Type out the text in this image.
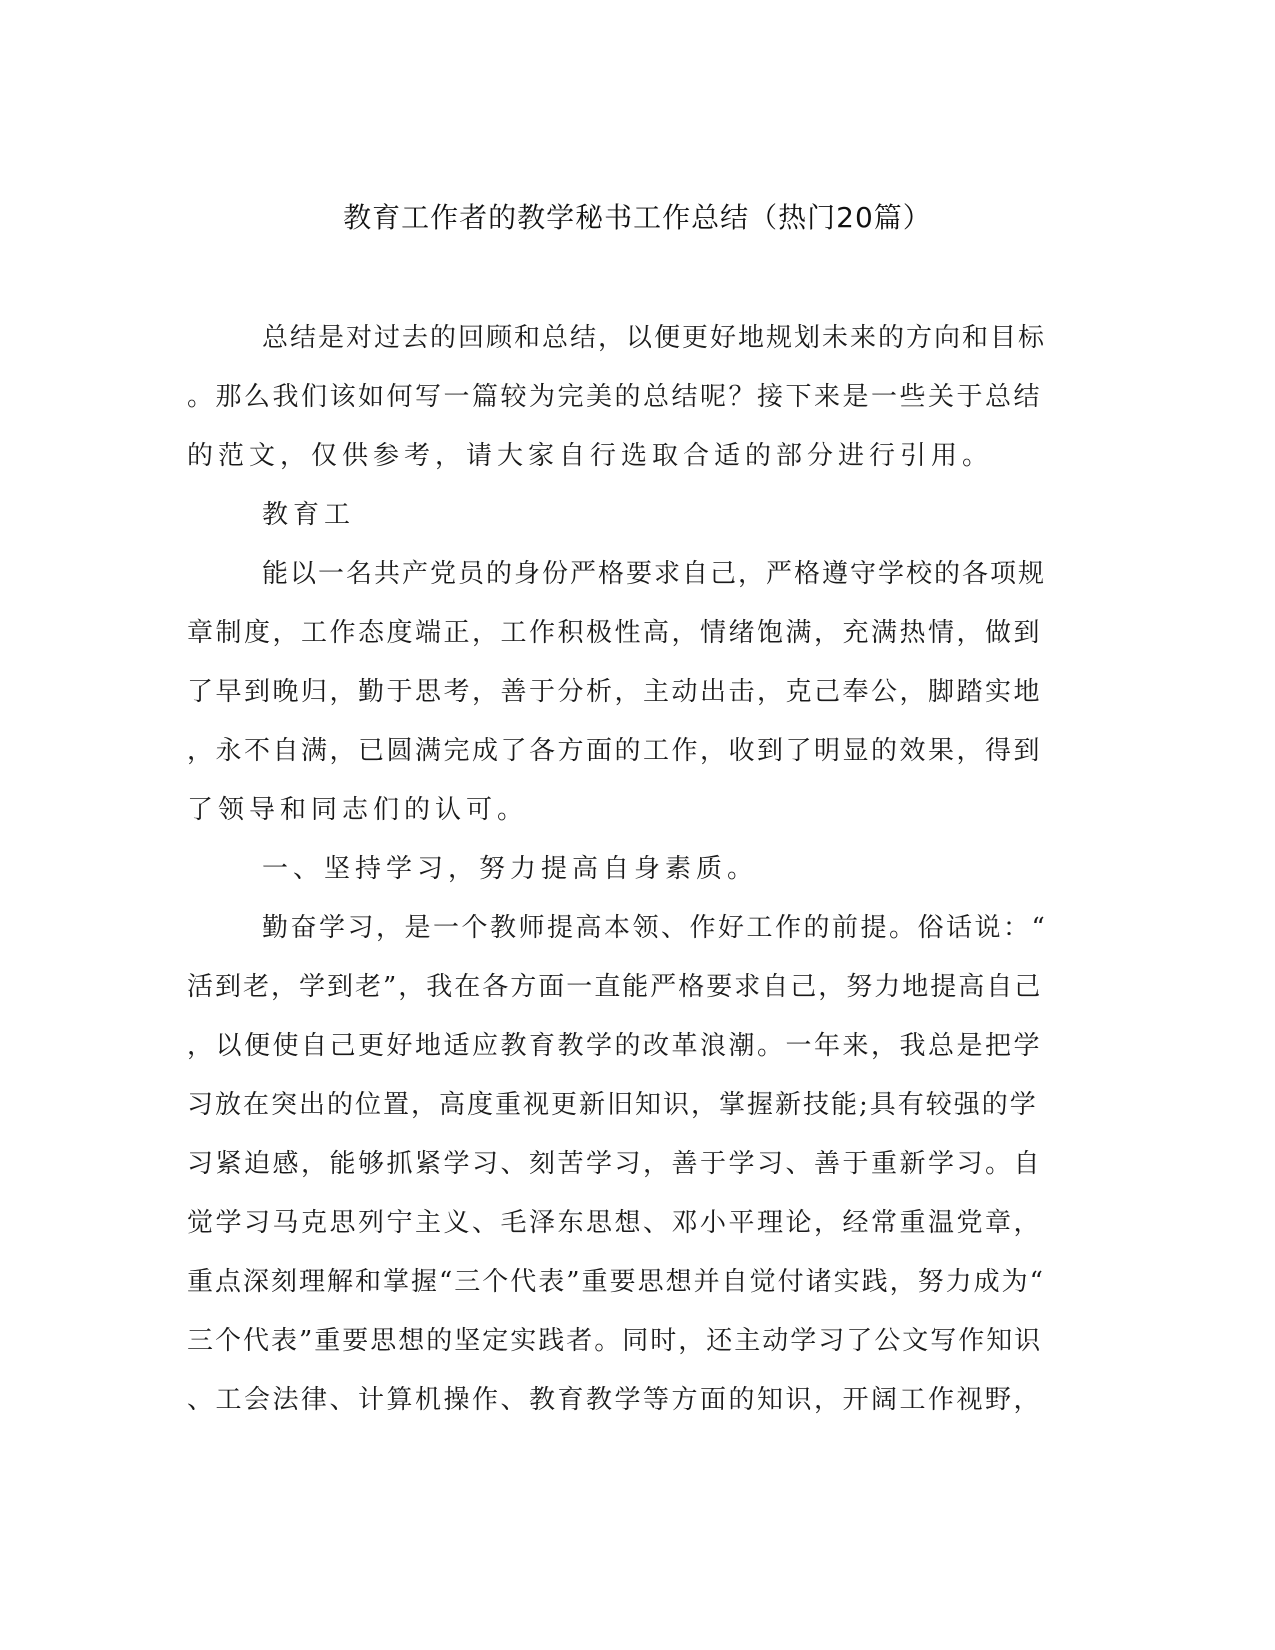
教育工作者的教学秘书工作总结（热门20篇）
总结是对过去的回顾和总结，以便更好地规划未来的方向和目标
。那么我们该如何写一篇较为完美的总结呢？接下来是一些关于总结
的范文，仅供参考，请大家自行选取合适的部分进行引用。
教育工
能以一名共产党员的身份严格要求自己，严格遵守学校的各项规
章制度，工作态度端正，工作积极性高，情绪饱满，充满热情，做到
了早到晚归，勤于思考，善于分析，主动出击，克己奉公，脚踏实地
，永不自满，已圆满完成了各方面的工作，收到了明显的效果，得到
了领导和同志们的认可。
一、坚持学习，努力提高自身素质。
勤奋学习，是一个教师提高本领、作好工作的前提。俗话说：“
活到老，学到老”，我在各方面一直能严格要求自己，努力地提高自己
，以便使自己更好地适应教育教学的改革浪潮。一年来，我总是把学
习放在突出的位置，高度重视更新旧知识，掌握新技能;具有较强的学
习紧迫感，能够抓紧学习、刻苦学习，善于学习、善于重新学习。自
觉学习马克思列宁主义、毛泽东思想、邓小平理论，经常重温党章，
重点深刻理解和掌握“三个代表”重要思想并自觉付诸实践，努力成为“
三个代表”重要思想的坚定实践者。同时，还主动学习了公文写作知识
、工会法律、计算机操作、教育教学等方面的知识，开阔工作视野，
